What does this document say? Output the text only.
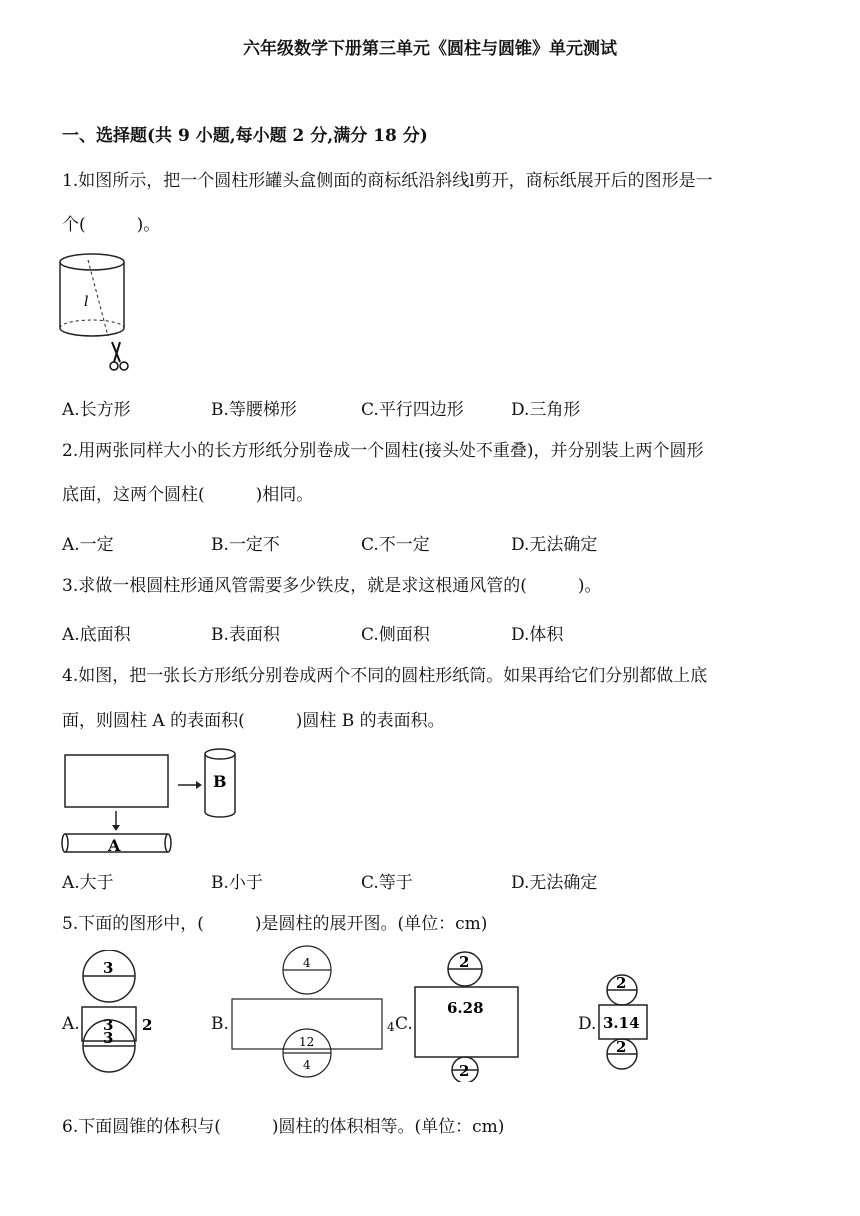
六年级数学下册第三单元《圆柱与圆锥》单元测试
一、选择题(共 9 小题,每小题 2 分,满分 18 分)
1.如图所示，把一个圆柱形罐头盒侧面的商标纸沿斜线l剪开，商标纸展开后的图形是一
个(　　　)。
l
A.长方形	B.等腰梯形	C.平行四边形	D.三角形
2.用两张同样大小的长方形纸分别卷成一个圆柱(接头处不重叠)，并分别装上两个圆形
底面，这两个圆柱(　　　)相同。
A.一定	B.一定不	C.不一定	D.无法确定
3.求做一根圆柱形通风管需要多少铁皮，就是求这根通风管的(　　　)。
A.底面积	B.表面积	C.侧面积	D.体积
4.如图，把一张长方形纸分别卷成两个不同的圆柱形纸筒。如果再给它们分别都做上底
面，则圆柱 A 的表面积(　　　)圆柱 B 的表面积。
B
A
A.大于	B.小于	C.等于	D.无法确定
5.下面的图形中，(　　　)是圆柱的展开图。(单位：cm)
A.
3
3 2
3
B.
4
12
4
4
C.
2
6.28
2
D.
2
3.14
2
6.下面圆锥的体积与(　　　)圆柱的体积相等。(单位：cm)
